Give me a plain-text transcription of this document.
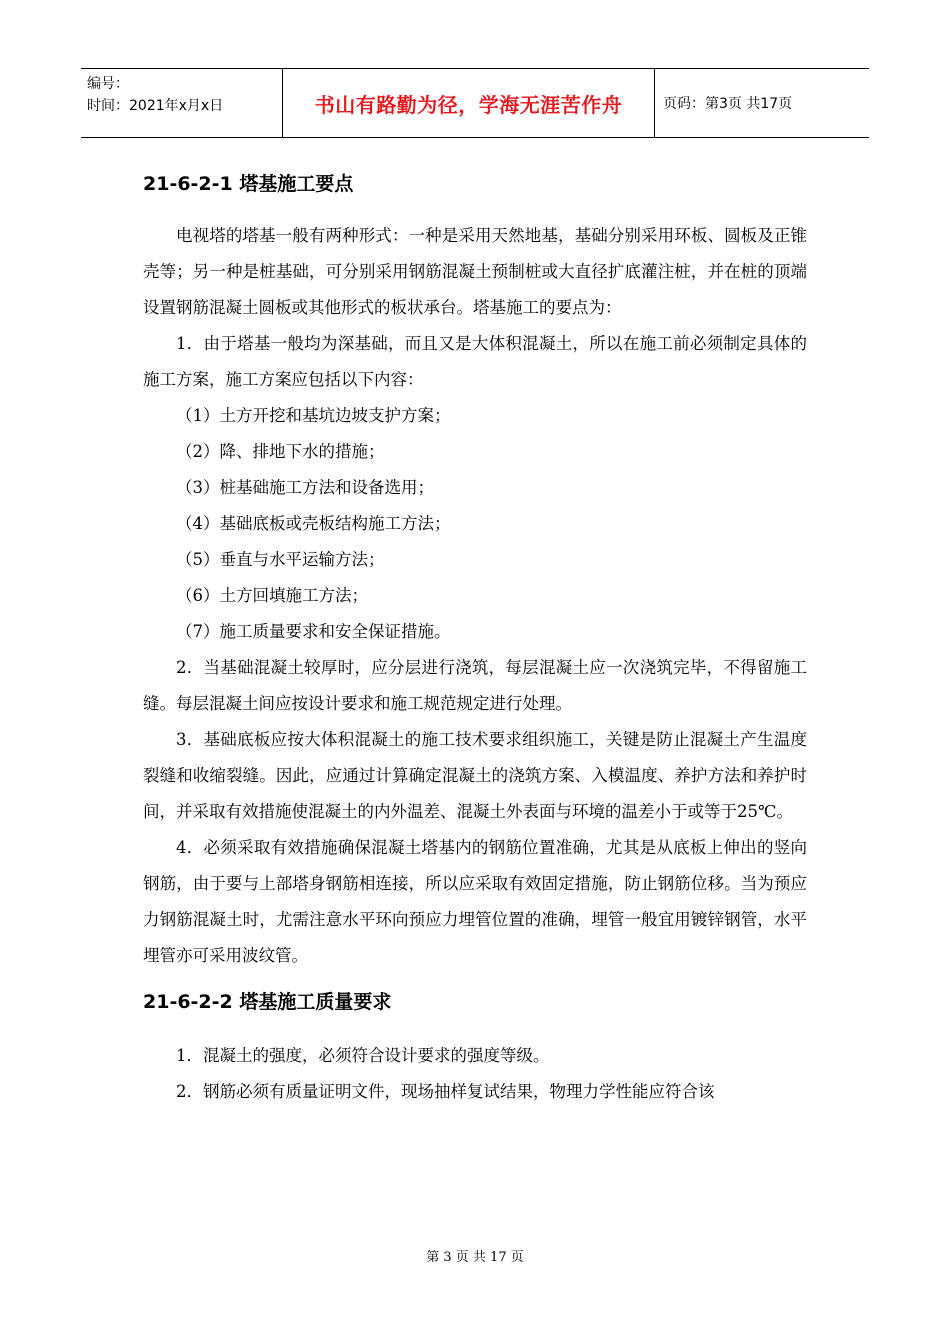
编号：
时间：2021年x月x日	书山有路勤为径，学海无涯苦作舟	页码：第3页 共17页
21-6-2-1 塔基施工要点

电视塔的塔基一般有两种形式：一种是采用天然地基，基础分别采用环板、圆板及正锥壳等；另一种是桩基础，可分别采用钢筋混凝土预制桩或大直径扩底灌注桩，并在桩的顶端设置钢筋混凝土圆板或其他形式的板状承台。塔基施工的要点为：

1．由于塔基一般均为深基础，而且又是大体积混凝土，所以在施工前必须制定具体的施工方案，施工方案应包括以下内容：

（1）土方开挖和基坑边坡支护方案；

（2）降、排地下水的措施；

（3）桩基础施工方法和设备选用；

（4）基础底板或壳板结构施工方法；

（5）垂直与水平运输方法；

（6）土方回填施工方法；

（7）施工质量要求和安全保证措施。

2．当基础混凝土较厚时，应分层进行浇筑，每层混凝土应一次浇筑完毕，不得留施工缝。每层混凝土间应按设计要求和施工规范规定进行处理。

3．基础底板应按大体积混凝土的施工技术要求组织施工，关键是防止混凝土产生温度裂缝和收缩裂缝。因此，应通过计算确定混凝土的浇筑方案、入模温度、养护方法和养护时间，并采取有效措施使混凝土的内外温差、混凝土外表面与环境的温差小于或等于25℃。

4．必须采取有效措施确保混凝土塔基内的钢筋位置准确，尤其是从底板上伸出的竖向钢筋，由于要与上部塔身钢筋相连接，所以应采取有效固定措施，防止钢筋位移。当为预应力钢筋混凝土时，尤需注意水平环向预应力埋管位置的准确，埋管一般宜用镀锌钢管，水平埋管亦可采用波纹管。

21-6-2-2 塔基施工质量要求

1．混凝土的强度，必须符合设计要求的强度等级。

2．钢筋必须有质量证明文件，现场抽样复试结果，物理力学性能应符合该

第 3 页 共 17 页
